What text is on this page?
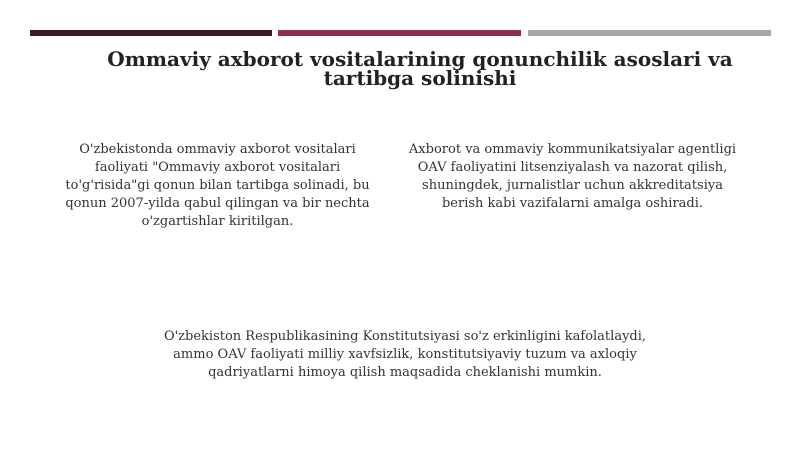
Ommaviy axborot vositalarining qonunchilik asoslari va tartibga solinishi

O'zbekistonda ommaviy axborot vositalari faoliyati "Ommaviy axborot vositalari to'g'risida"gi qonun bilan tartibga solinadi, bu qonun 2007-yilda qabul qilingan va bir nechta o'zgartishlar kiritilgan.

Axborot va ommaviy kommunikatsiyalar agentligi OAV faoliyatini litsenziyalash va nazorat qilish, shuningdek, jurnalistlar uchun akkreditatsiya berish kabi vazifalarni amalga oshiradi.

O'zbekiston Respublikasining Konstitutsiyasi so'z erkinligini kafolatlaydi, ammo OAV faoliyati milliy xavfsizlik, konstitutsiyaviy tuzum va axloqiy qadriyatlarni himoya qilish maqsadida cheklanishi mumkin.
